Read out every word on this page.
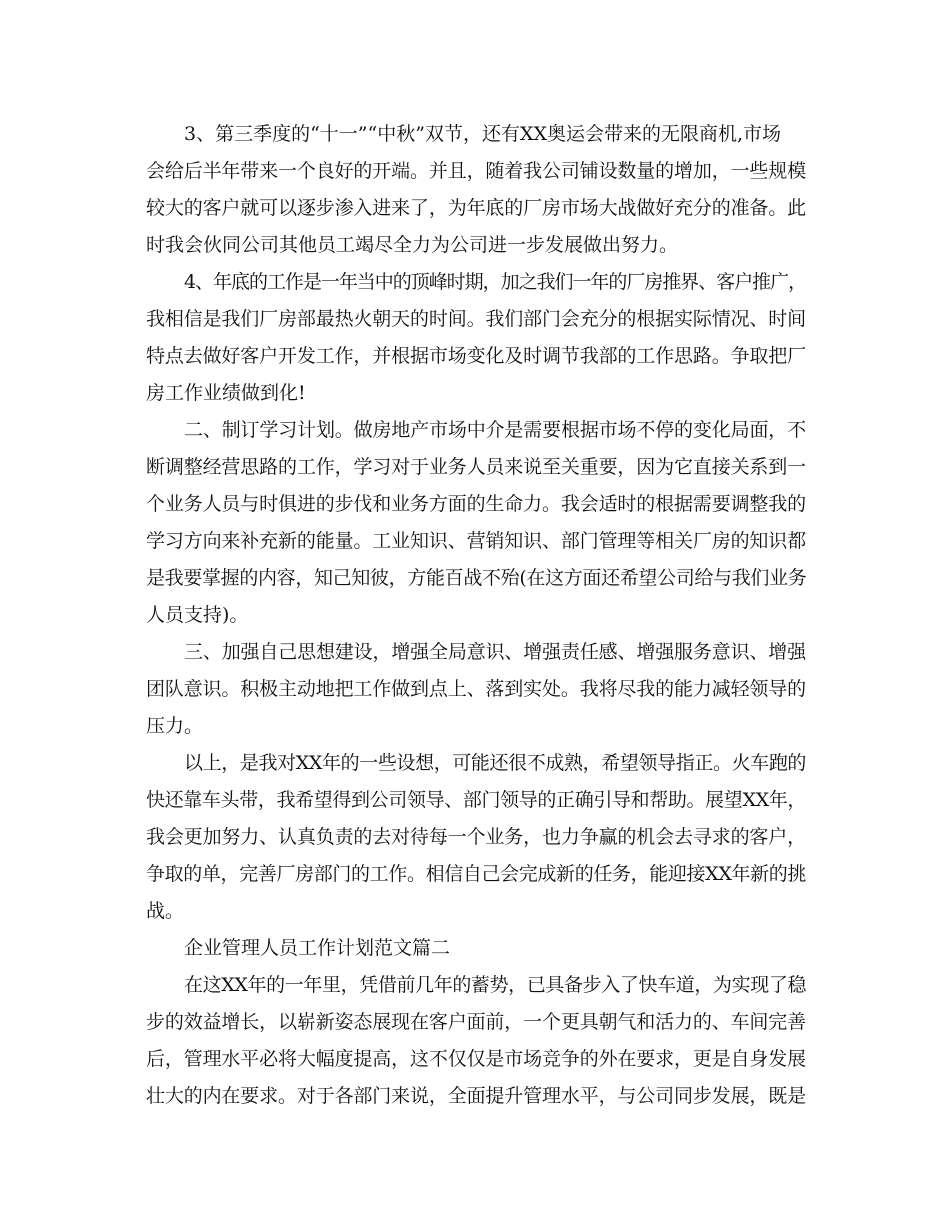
3、第三季度的“十一”“中秋”双节，还有XX奥运会带来的无限商机,市场
会给后半年带来一个良好的开端。并且，随着我公司铺设数量的增加，一些规模
较大的客户就可以逐步渗入进来了，为年底的厂房市场大战做好充分的准备。此
时我会伙同公司其他员工竭尽全力为公司进一步发展做出努力。
4、年底的工作是一年当中的顶峰时期，加之我们一年的厂房推界、客户推广，
我相信是我们厂房部最热火朝天的时间。我们部门会充分的根据实际情况、时间
特点去做好客户开发工作，并根据市场变化及时调节我部的工作思路。争取把厂
房工作业绩做到化!
二、制订学习计划。做房地产市场中介是需要根据市场不停的变化局面，不
断调整经营思路的工作，学习对于业务人员来说至关重要，因为它直接关系到一
个业务人员与时俱进的步伐和业务方面的生命力。我会适时的根据需要调整我的
学习方向来补充新的能量。工业知识、营销知识、部门管理等相关厂房的知识都
是我要掌握的内容，知己知彼，方能百战不殆(在这方面还希望公司给与我们业务
人员支持)。
三、加强自己思想建设，增强全局意识、增强责任感、增强服务意识、增强
团队意识。积极主动地把工作做到点上、落到实处。我将尽我的能力减轻领导的
压力。
以上，是我对XX年的一些设想，可能还很不成熟，希望领导指正。火车跑的
快还靠车头带，我希望得到公司领导、部门领导的正确引导和帮助。展望XX年，
我会更加努力、认真负责的去对待每一个业务，也力争赢的机会去寻求的客户，
争取的单，完善厂房部门的工作。相信自己会完成新的任务，能迎接XX年新的挑
战。
企业管理人员工作计划范文篇二
在这XX年的一年里，凭借前几年的蓄势，已具备步入了快车道，为实现了稳
步的效益增长，以崭新姿态展现在客户面前，一个更具朝气和活力的、车间完善
后，管理水平必将大幅度提高，这不仅仅是市场竞争的外在要求，更是自身发展
壮大的内在要求。对于各部门来说，全面提升管理水平，与公司同步发展，既是
